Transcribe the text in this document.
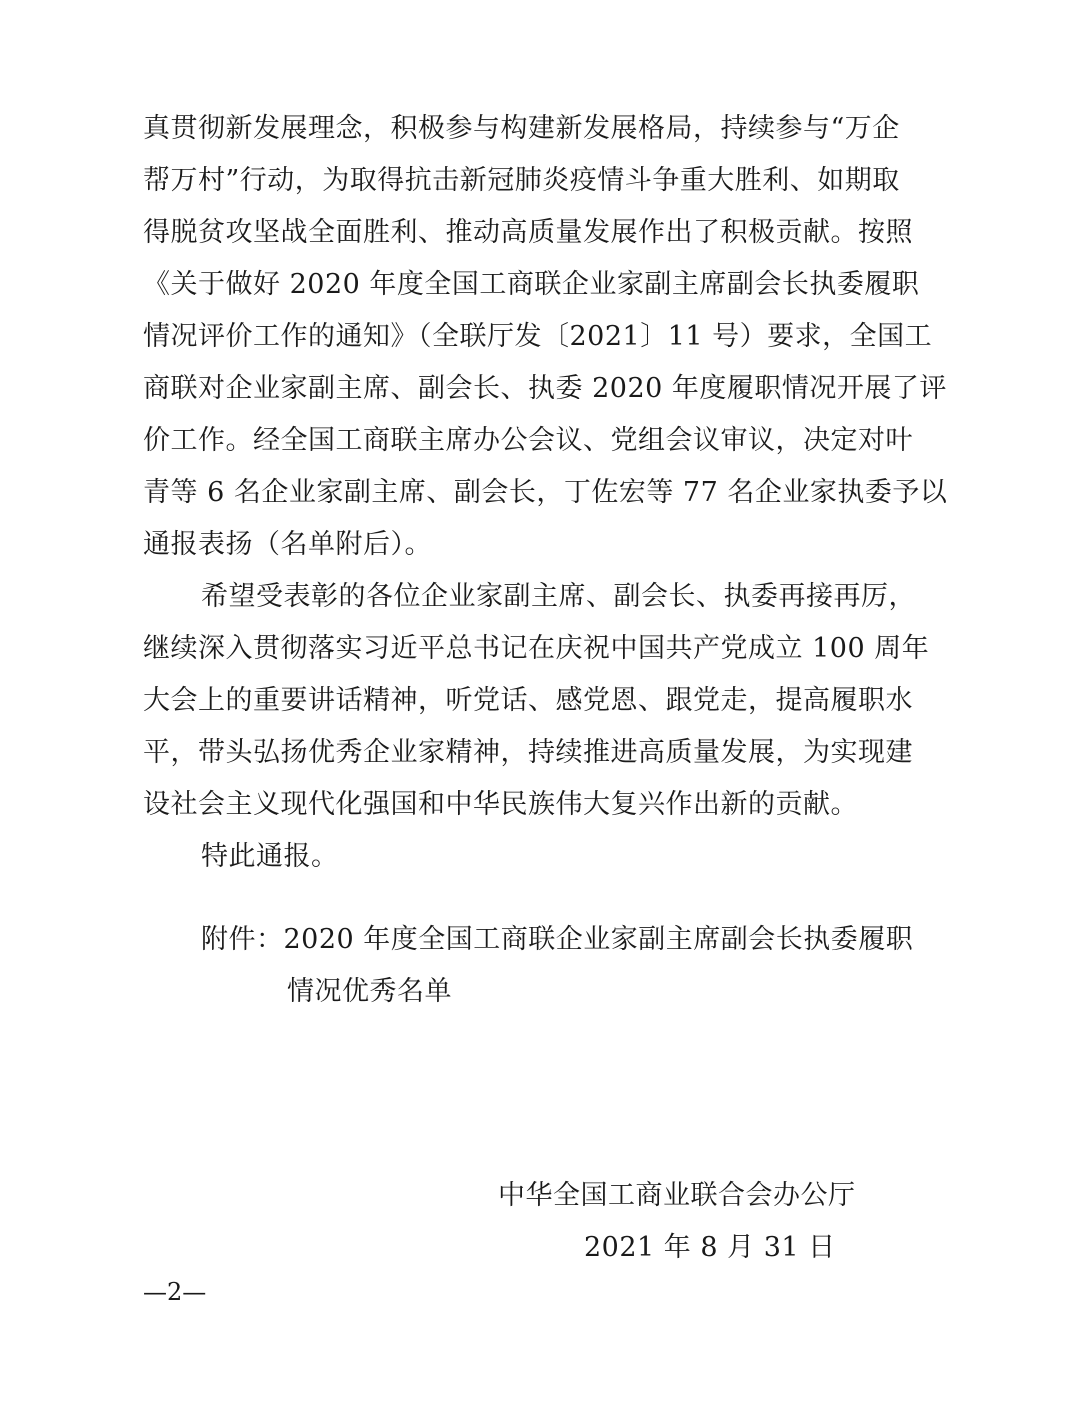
真贯彻新发展理念，积极参与构建新发展格局，持续参与“万企
帮万村”行动，为取得抗击新冠肺炎疫情斗争重大胜利、如期取
得脱贫攻坚战全面胜利、推动高质量发展作出了积极贡献。按照
《关于做好 2020 年度全国工商联企业家副主席副会长执委履职
情况评价工作的通知》（全联厅发〔2021〕11 号）要求，全国工
商联对企业家副主席、副会长、执委 2020 年度履职情况开展了评
价工作。经全国工商联主席办公会议、党组会议审议，决定对叶
青等 6 名企业家副主席、副会长，丁佐宏等 77 名企业家执委予以
通报表扬（名单附后）。
希望受表彰的各位企业家副主席、副会长、执委再接再厉，
继续深入贯彻落实习近平总书记在庆祝中国共产党成立 100 周年
大会上的重要讲话精神，听党话、感党恩、跟党走，提高履职水
平，带头弘扬优秀企业家精神，持续推进高质量发展，为实现建
设社会主义现代化强国和中华民族伟大复兴作出新的贡献。
特此通报。
附件：2020 年度全国工商联企业家副主席副会长执委履职
情况优秀名单
中华全国工商业联合会办公厅
2021 年 8 月 31 日
—2—
